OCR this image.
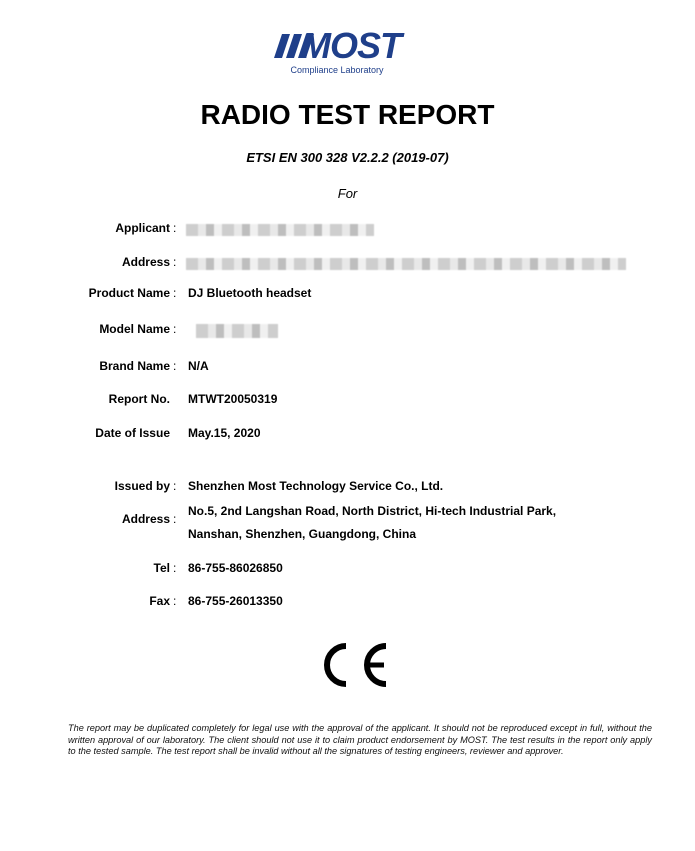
MOST
Compliance Laboratory
RADIO TEST REPORT
ETSI EN 300 328 V2.2.2 (2019-07)
For
Applicant :
Address :
Product Name : DJ Bluetooth headset
Model Name :
Brand Name : N/A
Report No. MTWT20050319
Date of Issue May.15, 2020
Issued by : Shenzhen Most Technology Service Co., Ltd.
No.5, 2nd Langshan Road, North District, Hi-tech Industrial Park,
Address :
Nanshan, Shenzhen, Guangdong, China
Tel : 86-755-86026850
Fax : 86-755-26013350
The report may be duplicated completely for legal use with the approval of the applicant. It should not be reproduced except in full, without the written approval of our laboratory. The client should not use it to claim product endorsement by MOST. The test results in the report only apply to the tested sample. The test report shall be invalid without all the signatures of testing engineers, reviewer and approver.
